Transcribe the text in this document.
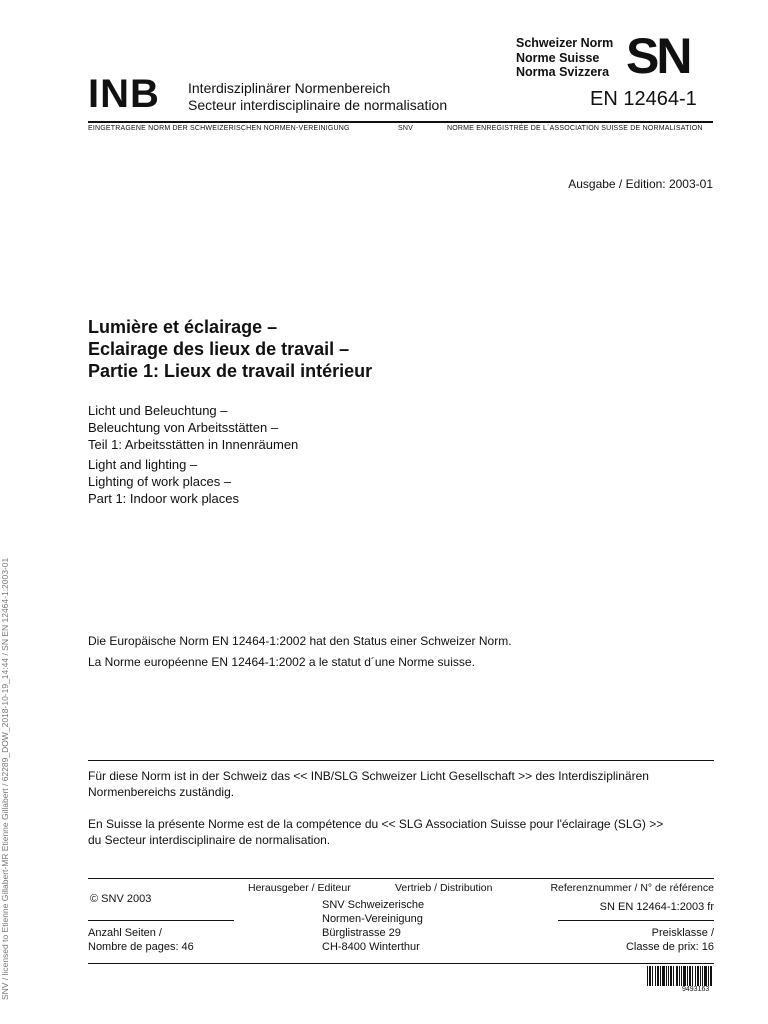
SNV / licensed to Etienne Gillabert-MR Etienne Gillabert / 62289_DOW_2018-10-19_14:44 / SN EN 12464-1:2003-01
INB Interdisziplinärer Normenbereich
Secteur interdisciplinaire de normalisation
Schweizer Norm
Norme Suisse
Norma Svizzera SN
EN 12464-1
EINGETRAGENE NORM DER SCHWEIZERISCHEN NORMEN-VEREINIGUNG	SNV	NORME ENREGISTRÉE DE L´ASSOCIATION SUISSE DE NORMALISATION
Ausgabe / Edition: 2003-01
Lumière et éclairage –
Eclairage des lieux de travail –
Partie 1: Lieux de travail intérieur
Licht und Beleuchtung –
Beleuchtung von Arbeitsstätten –
Teil 1: Arbeitsstätten in Innenräumen
Light and lighting –
Lighting of work places –
Part 1: Indoor work places
Die Europäische Norm EN 12464-1:2002 hat den Status einer Schweizer Norm.
La Norme européenne EN 12464-1:2002 a le statut d´une Norme suisse.
Für diese Norm ist in der Schweiz das << INB/SLG Schweizer Licht Gesellschaft >> des Interdisziplinären
Normenbereichs zuständig.
En Suisse la présente Norme est de la compétence du << SLG Association Suisse pour l'éclairage (SLG) >>
du Secteur interdisciplinaire de normalisation.
© SNV 2003
Anzahl Seiten /
Nombre de pages: 46
Herausgeber / Editeur	Vertrieb / Distribution
SNV Schweizerische
Normen-Vereinigung
Bürglistrasse 29
CH-8400 Winterthur
Referenznummer / N° de référence
SN EN 12464-1:2003 fr
Preisklasse /
Classe de prix: 16
9493163
